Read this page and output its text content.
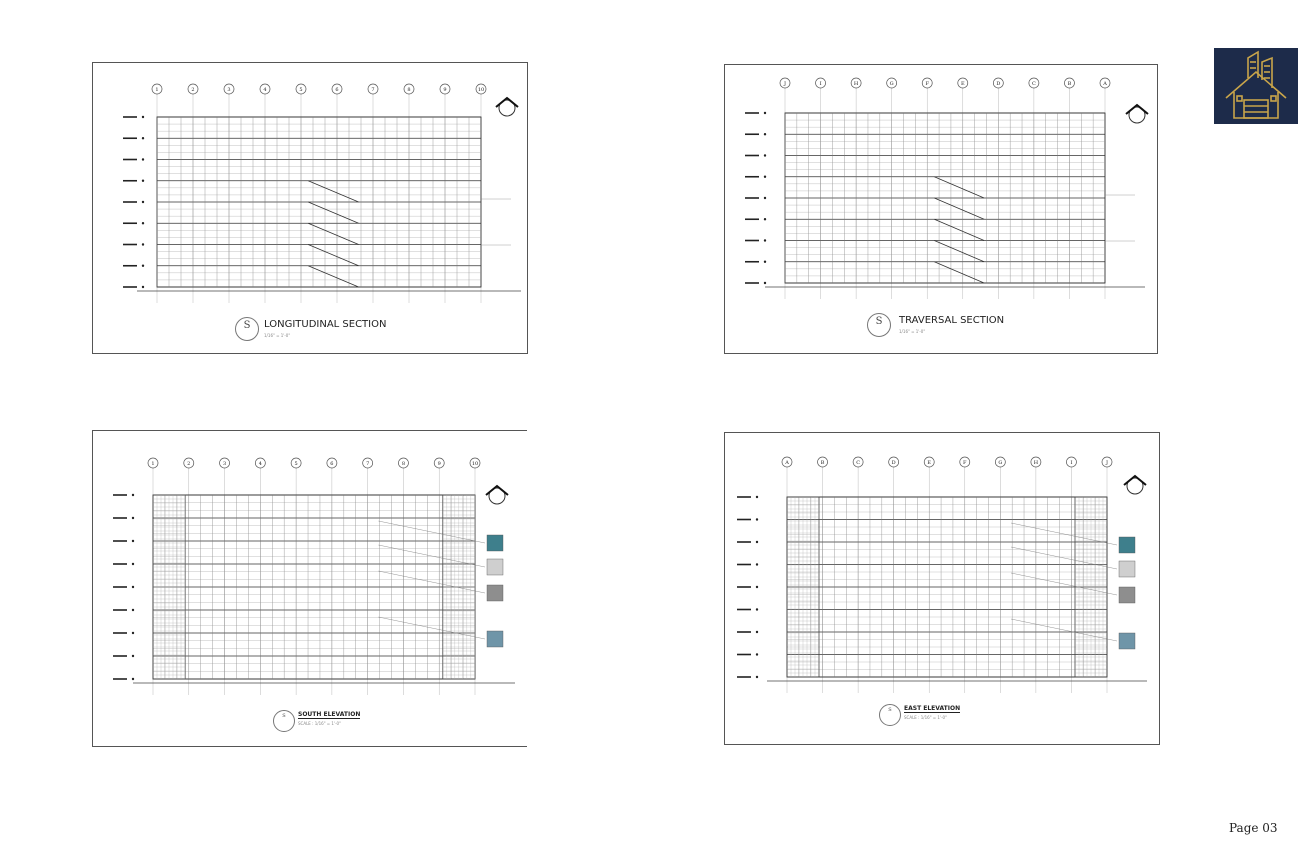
1	2	3	4	5	6	7	8	9	10
S	LONGITUDINAL SECTION
1/16" = 1'-0"
J	I	H	G	F	E	D	C	B	A
S	TRAVERSAL SECTION
1/16" = 1'-0"
1	2	3	4	5	6	7	8	9	10
S	SOUTH ELEVATION
SCALE : 1/16" = 1'-0"
A	B	C	D	E	F	G	H	I	J
S	EAST ELEVATION
SCALE : 1/16" = 1'-0"
Page 03
